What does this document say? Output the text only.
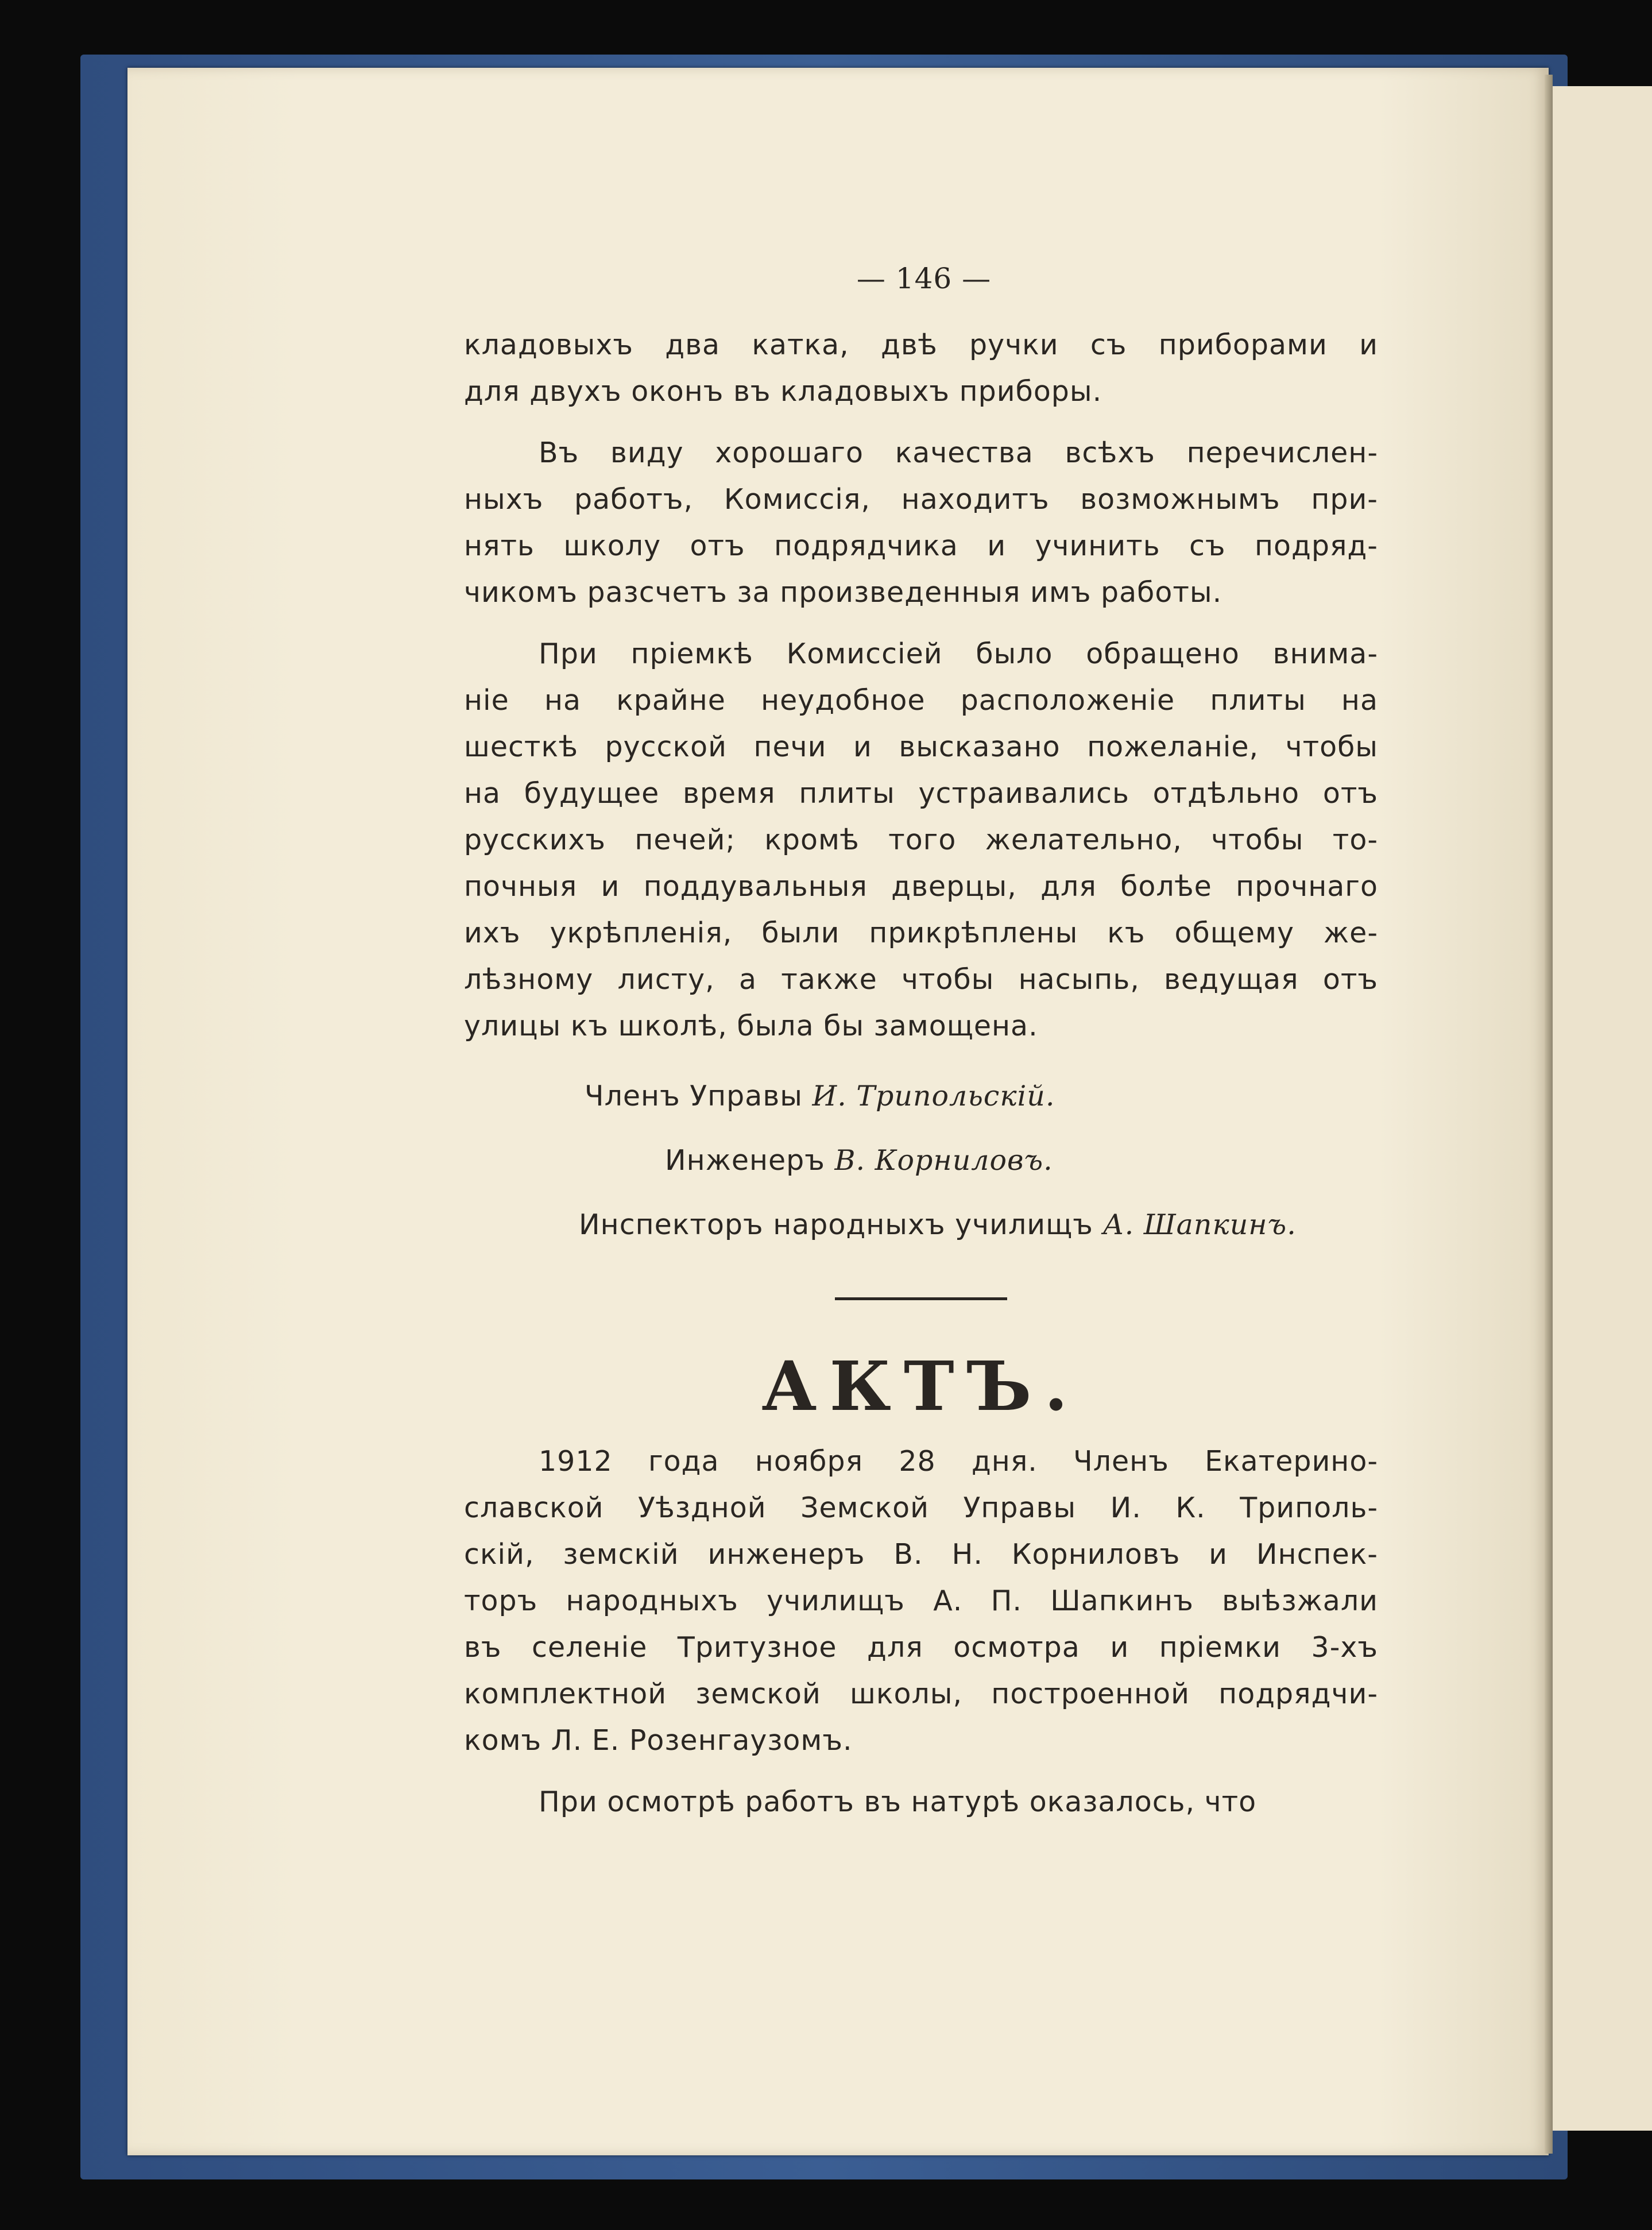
— 146 —
кладовыхъ два катка, двѣ ручки съ приборами и
для двухъ оконъ въ кладовыхъ приборы.
Въ виду хорошаго качества всѣхъ перечислен-
ныхъ работъ, Комиссія, находитъ возможнымъ при-
нять школу отъ подрядчика и учинить съ подряд-
чикомъ разсчетъ за произведенныя имъ работы.
При пріемкѣ Комиссіей было обращено внима-
ніе на крайне неудобное расположеніе плиты на
шесткѣ русской печи и высказано пожеланіе, чтобы
на будущее время плиты устраивались отдѣльно отъ
русскихъ печей; кромѣ того желательно, чтобы то-
почныя и поддувальныя дверцы, для болѣе прочнаго
ихъ укрѣпленія, были прикрѣплены къ общему же-
лѣзному листу, а также чтобы насыпь, ведущая отъ
улицы къ школѣ, была бы замощена.
Членъ Управы И. Трипольскій.
Инженеръ В. Корниловъ.
Инспекторъ народныхъ училищъ А. Шапкинъ.
АКТЪ.
1912 года ноября 28 дня. Членъ Екатерино-
славской Уѣздной Земской Управы И. К. Триполь-
скій, земскій инженеръ В. Н. Корниловъ и Инспек-
торъ народныхъ училищъ А. П. Шапкинъ выѣзжали
въ селеніе Тритузное для осмотра и пріемки 3-хъ
комплектной земской школы, построенной подрядчи-
комъ Л. Е. Розенгаузомъ.
При осмотрѣ работъ въ натурѣ оказалось, что
